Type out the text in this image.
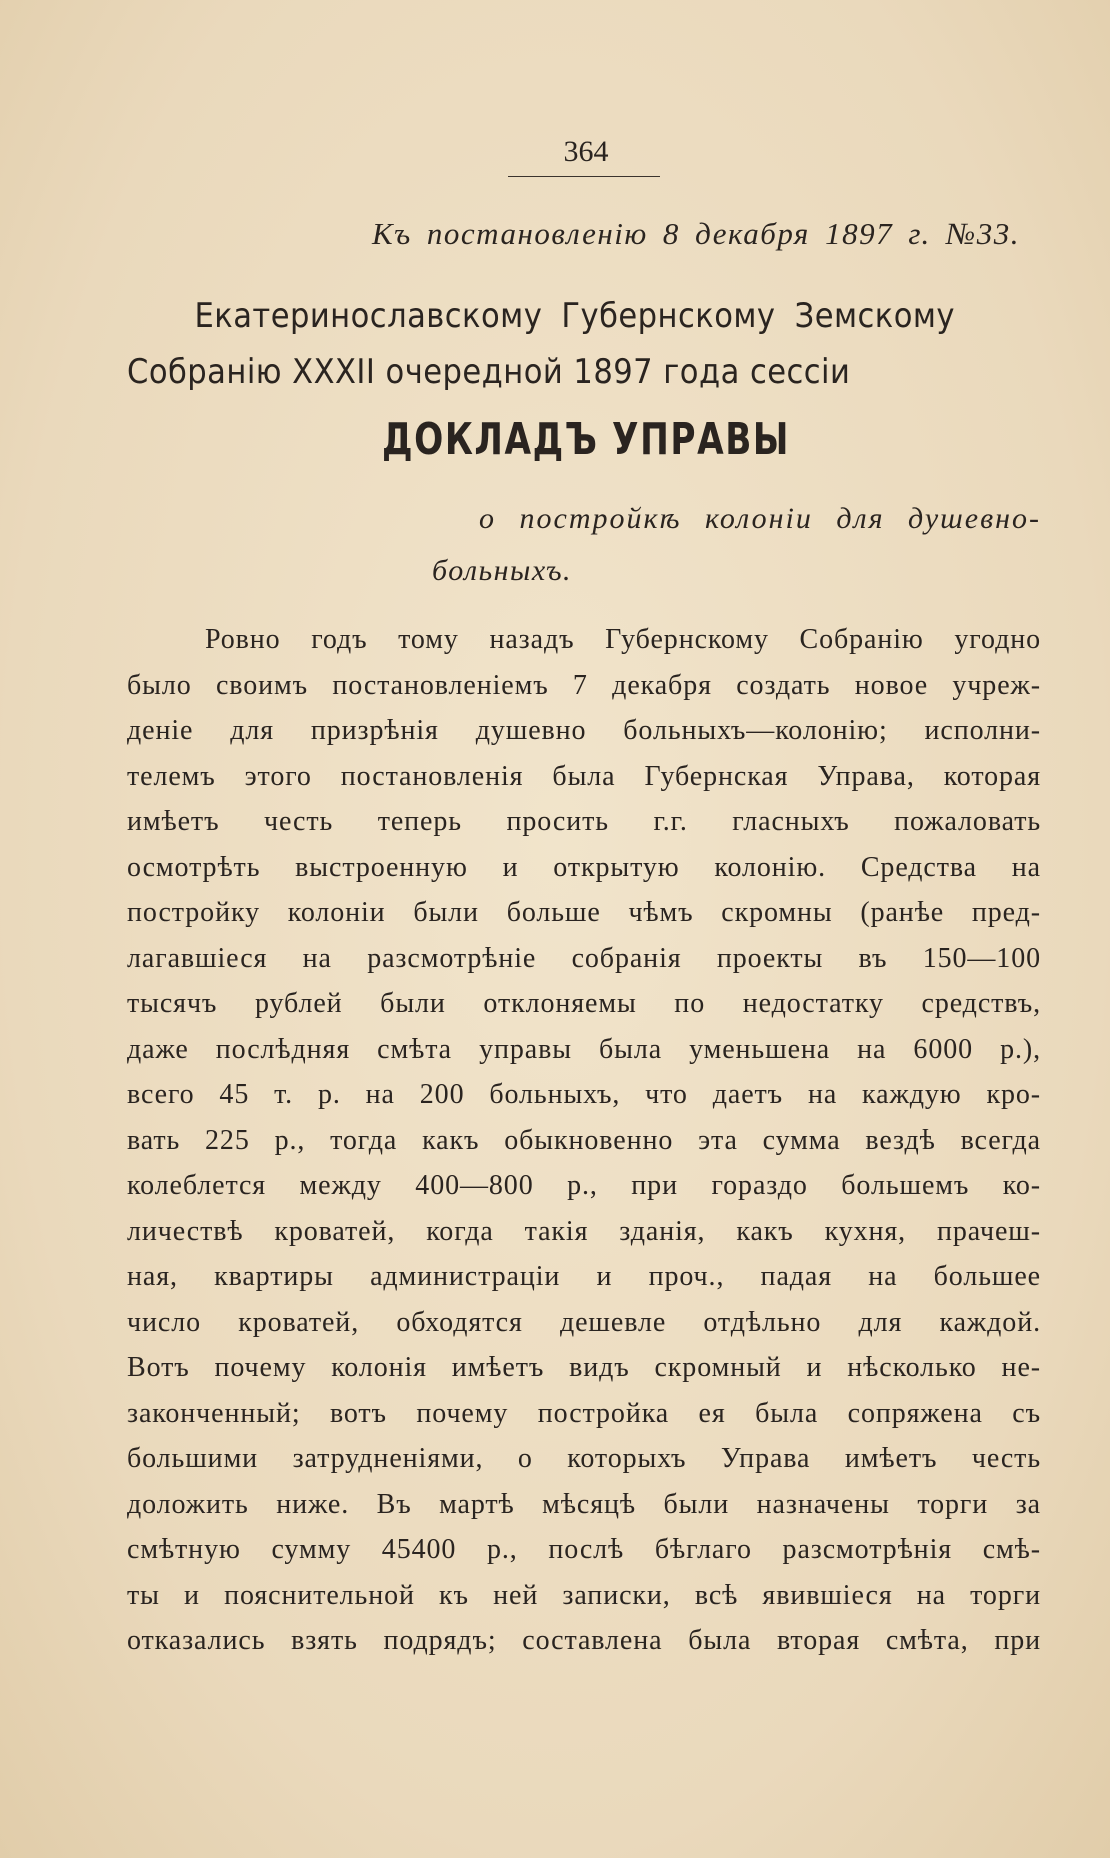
364
Къ постановленію 8 декабря 1897 г. №33.
Екатеринославскому Губернскому Земскому Собранію XXXII очередной 1897 года сессіи
ДОКЛАДЪ УПРАВЫ
о постройкѣ колоніи для душевно-
больныхъ.
Ровно годъ тому назадъ Губернскому Собранію угодно
было своимъ постановленіемъ 7 декабря создать новое учреж-
деніе для призрѣнія душевно больныхъ—колонію; исполни-
телемъ этого постановленія была Губернская Управа, которая
имѣетъ честь теперь просить г.г. гласныхъ пожаловать
осмотрѣть выстроенную и открытую колонію. Средства на
постройку колоніи были больше чѣмъ скромны (ранѣе пред-
лагавшіеся на разсмотрѣніе собранія проекты въ 150—100
тысячъ рублей были отклоняемы по недостатку средствъ,
даже послѣдняя смѣта управы была уменьшена на 6000 р.),
всего 45 т. р. на 200 больныхъ, что даетъ на каждую кро-
вать 225 р., тогда какъ обыкновенно эта сумма вездѣ всегда
колеблется между 400—800 р., при гораздо большемъ ко-
личествѣ кроватей, когда такія зданія, какъ кухня, прачеш-
ная, квартиры администраціи и проч., падая на большее
число кроватей, обходятся дешевле отдѣльно для каждой.
Вотъ почему колонія имѣетъ видъ скромный и нѣсколько не-
законченный; вотъ почему постройка ея была сопряжена съ
большими затрудненіями, о которыхъ Управа имѣетъ честь
доложить ниже. Въ мартѣ мѣсяцѣ были назначены торги за
смѣтную сумму 45400 р., послѣ бѣглаго разсмотрѣнія смѣ-
ты и пояснительной къ ней записки, всѣ явившіеся на торги
отказались взять подрядъ; составлена была вторая смѣта, при
